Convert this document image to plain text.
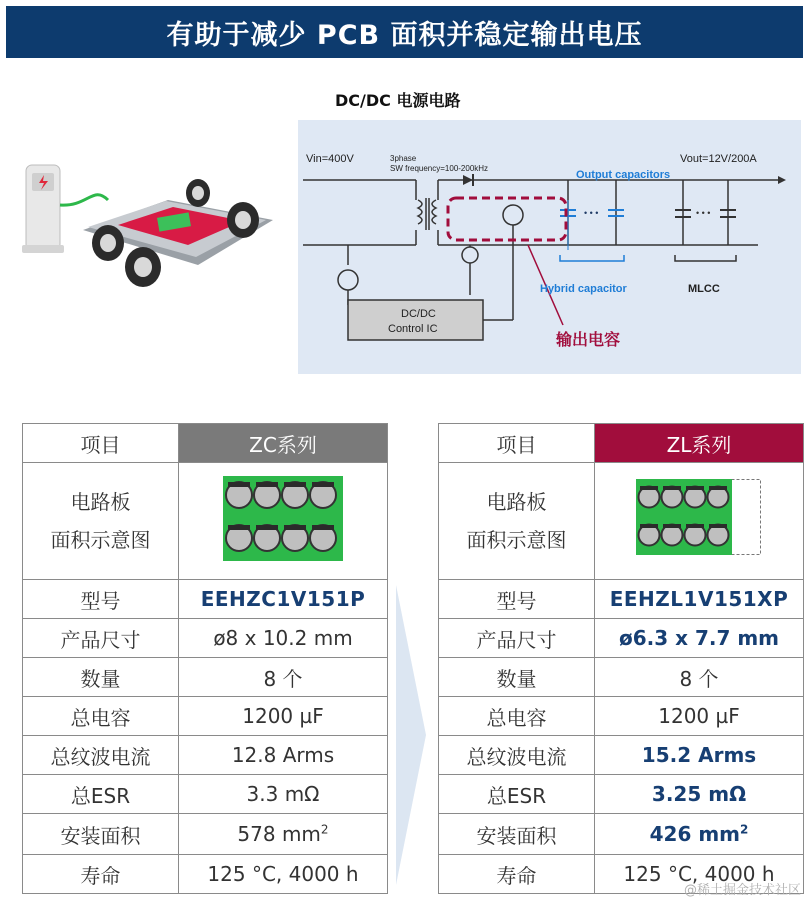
有助于减少 PCB 面积并稳定输出电压
DC/DC 电源电路
Vin=400V	3phase
SW frequency=100-200kHz
Vout=12V/200A
Output capacitors
• • •	• • •
Hybrid capacitor	MLCC
DC/DC
Control IC
输出电容
项目	ZC系列
电路板
面积示意图	
型号	EEHZC1V151P
产品尺寸	ø8 x 10.2 mm
数量	8 个
总电容	1200 µF
总纹波电流	12.8 Arms
总ESR	3.3 mΩ
安装面积	578 $mm^2$
寿命	125 °C, 4000 h
项目	ZL系列
电路板
面积示意图	
型号	EEHZL1V151XP
产品尺寸	ø6.3 x 7.7 mm
数量	8 个
总电容	1200 µF
总纹波电流	15.2 Arms
总ESR	3.25 mΩ
安装面积	426 $mm^2$
寿命	125 °C, 4000 h
@稀土掘金技术社区
